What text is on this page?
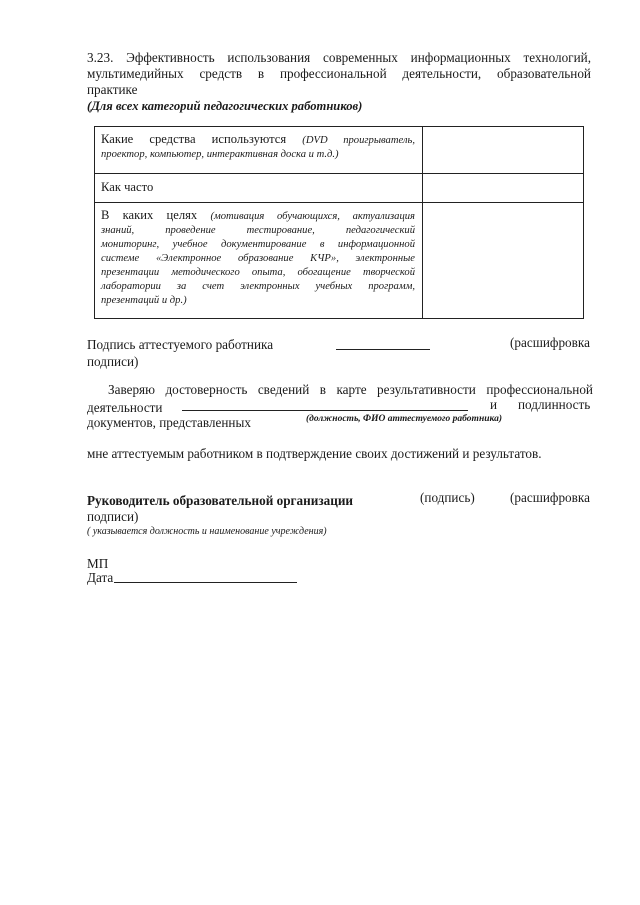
3.23. Эффективность использования современных информационных технологий,
мультимедийных средств в профессиональной деятельности, образовательной
практике
(Для всех категорий педагогических работников)
Какие средства используются (DVD проигрыватель,
проектор, компьютер, интерактивная доска и т.д.)
Как часто
В каких целях (мотивация обучающихся, актуализация
знаний,      проведение      тестирование,      педагогический
мониторинг, учебное документирование в информационной
системе «Электронное образование КЧР», электронные
презентации методического опыта, обогащение творческой
лаборатории за счет электронных учебных программ,
презентаций и др.)
Подпись аттестуемого работника	(расшифровка
подписи)
Заверяю достоверность сведений в карте результативности профессиональной
деятельности	и подлинность
документов, представленных	(должность, ФИО аттестуемого работника)
мне аттестуемым работником в подтверждение своих достижений и результатов.
Руководитель образовательной организации	(подпись)	(расшифровка
подписи)
( указывается должность и наименование учреждения)
МП
Дата
